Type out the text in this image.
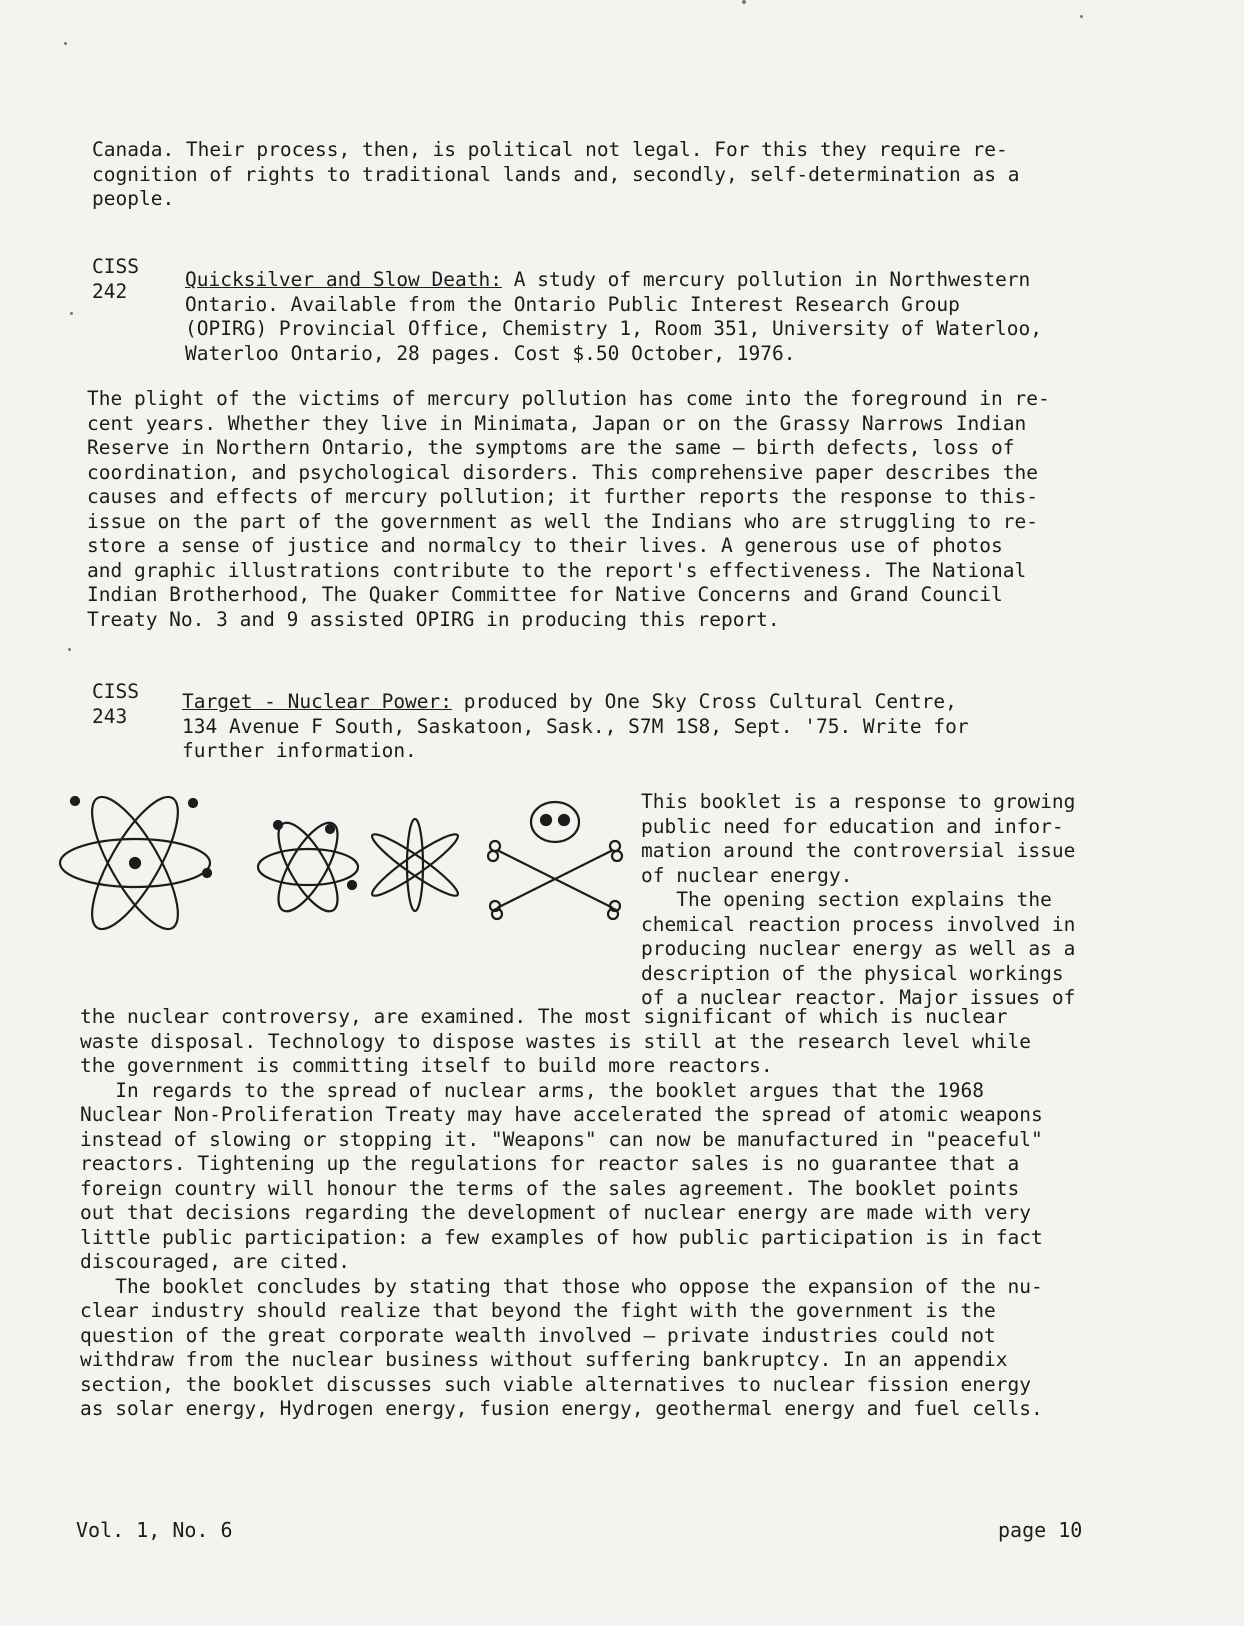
Canada. Their process, then, is political not legal. For this they require re-
cognition of rights to traditional lands and, secondly, self-determination as a
people.
CISS
242	Quicksilver and Slow Death: A study of mercury pollution in Northwestern
Ontario. Available from the Ontario Public Interest Research Group
(OPIRG) Provincial Office, Chemistry 1, Room 351, University of Waterloo,
Waterloo Ontario, 28 pages. Cost $.50 October, 1976.
The plight of the victims of mercury pollution has come into the foreground in re-
cent years. Whether they live in Minimata, Japan or on the Grassy Narrows Indian
Reserve in Northern Ontario, the symptoms are the same — birth defects, loss of
coordination, and psychological disorders. This comprehensive paper describes the
causes and effects of mercury pollution; it further reports the response to this-
issue on the part of the government as well the Indians who are struggling to re-
store a sense of justice and normalcy to their lives. A generous use of photos
and graphic illustrations contribute to the report's effectiveness. The National
Indian Brotherhood, The Quaker Committee for Native Concerns and Grand Council
Treaty No. 3 and 9 assisted OPIRG in producing this report.
CISS
243
Target - Nuclear Power: produced by One Sky Cross Cultural Centre,
134 Avenue F South, Saskatoon, Sask., S7M 1S8, Sept. '75. Write for
further information.
This booklet is a response to growing
public need for education and infor-
mation around the controversial issue
of nuclear energy.
The opening section explains the
chemical reaction process involved in
producing nuclear energy as well as a
description of the physical workings
of a nuclear reactor. Major issues of
the nuclear controversy, are examined. The most significant of which is nuclear
waste disposal. Technology to dispose wastes is still at the research level while
the government is committing itself to build more reactors.
In regards to the spread of nuclear arms, the booklet argues that the 1968
Nuclear Non-Proliferation Treaty may have accelerated the spread of atomic weapons
instead of slowing or stopping it. "Weapons" can now be manufactured in "peaceful"
reactors. Tightening up the regulations for reactor sales is no guarantee that a
foreign country will honour the terms of the sales agreement. The booklet points
out that decisions regarding the development of nuclear energy are made with very
little public participation: a few examples of how public participation is in fact
discouraged, are cited.
The booklet concludes by stating that those who oppose the expansion of the nu-
clear industry should realize that beyond the fight with the government is the
question of the great corporate wealth involved — private industries could not
withdraw from the nuclear business without suffering bankruptcy. In an appendix
section, the booklet discusses such viable alternatives to nuclear fission energy
as solar energy, Hydrogen energy, fusion energy, geothermal energy and fuel cells.
Vol. 1, No. 6	page 10
